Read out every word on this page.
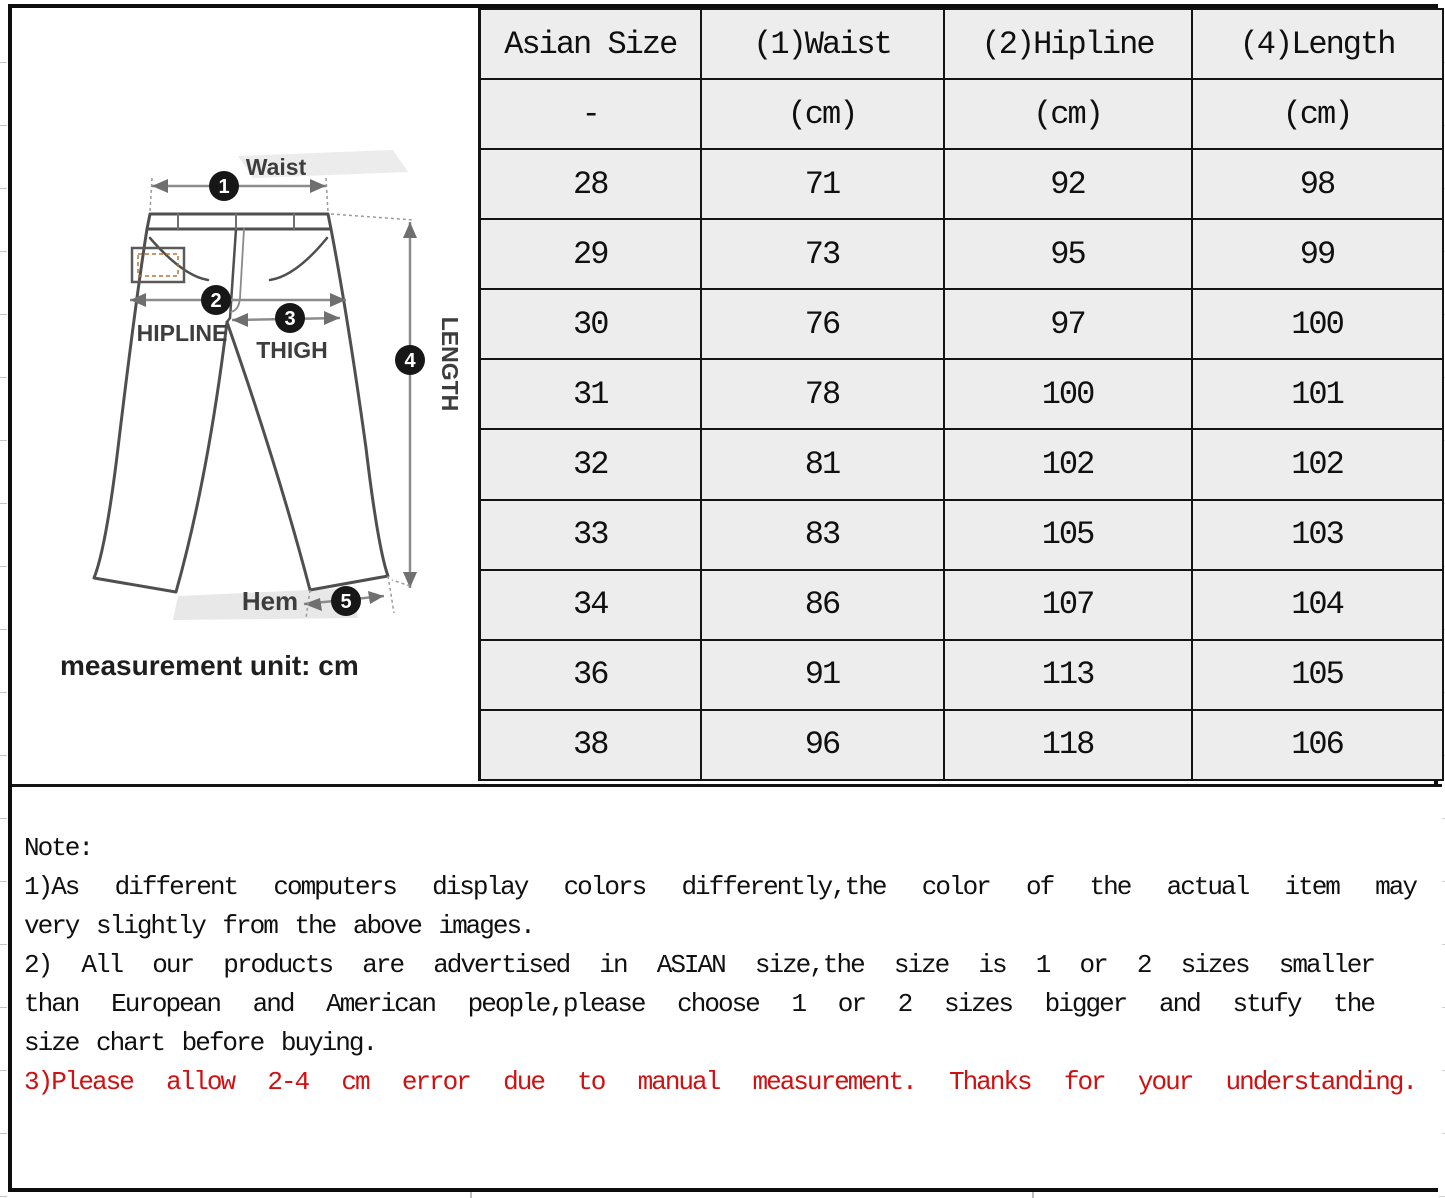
1
Waist
2
HIPLINE
3
THIGH	4 LENGTH
5
Hem
measurement unit: cm
Asian Size	(1)Waist	(2)Hipline	(4)Length
-	(cm)	(cm)	(cm)
28	71	92	98
29	73	95	99
30	76	97	100
31	78	100	101
32	81	102	102
33	83	105	103
34	86	107	104
36	91	113	105
38	96	118	106
Note:
1)As different computers display colors differently,the color of the actual item may
very slightly from the above images.
2) All our products are advertised in ASIAN size,the size is 1 or 2 sizes smaller
than European and American people,please choose 1 or 2 sizes bigger and stufy the
size chart before buying.
3)Please allow 2-4 cm error due to manual measurement. Thanks for your understanding.
